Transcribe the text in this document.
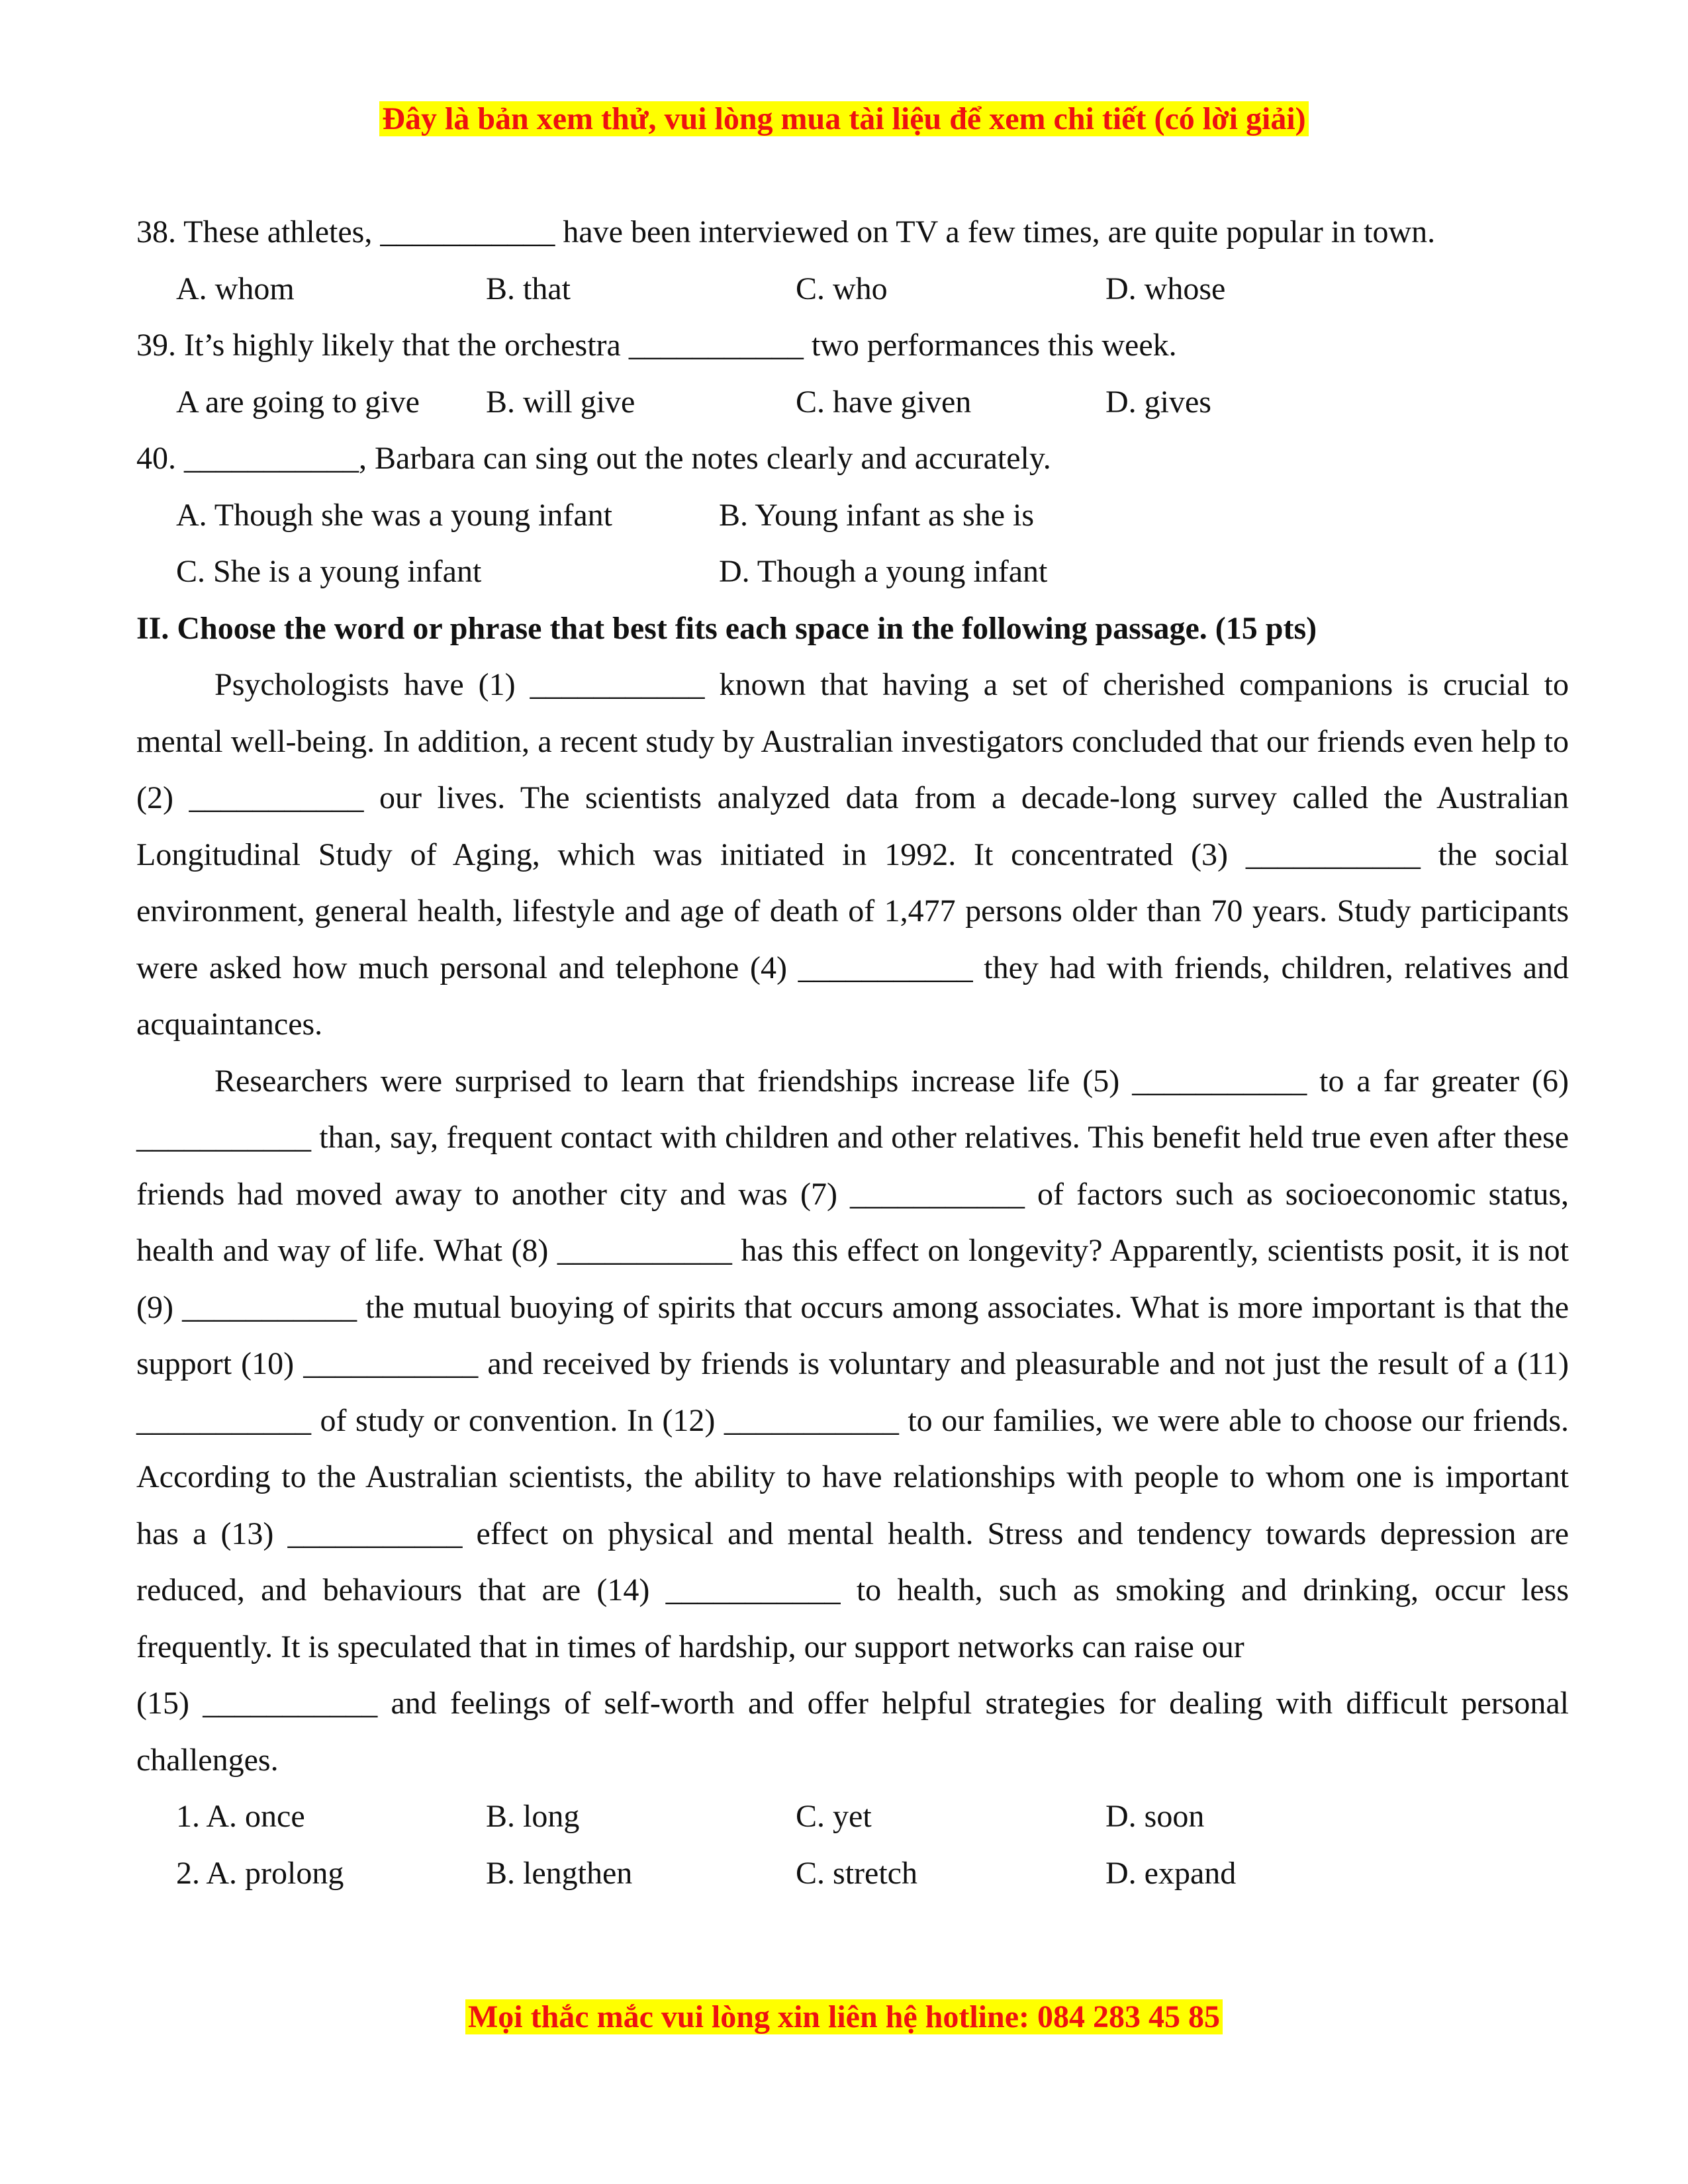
Đây là bản xem thử, vui lòng mua tài liệu để xem chi tiết (có lời giải)
38. These athletes, ___________ have been interviewed on TV a few times, are quite popular in town.
A. whom	B. that	C. who	D. whose
39. It’s highly likely that the orchestra ___________ two performances this week.
A are going to give B. will give	C. have given	D. gives
40. ___________, Barbara can sing out the notes clearly and accurately.
A. Though she was a young infant	B. Young infant as she is
C. She is a young infant	D. Though a young infant
II. Choose the word or phrase that best fits each space in the following passage. (15 pts)

Psychologists have (1) ___________ known that having a set of cherished companions is crucial to mental well-being. In addition, a recent study by Australian investigators concluded that our friends even help to (2) ___________ our lives. The scientists analyzed data from a decade-long survey called the Australian Longitudinal Study of Aging, which was initiated in 1992. It concentrated (3) ___________ the social environment, general health, lifestyle and age of death of 1,477 persons older than 70 years. Study participants were asked how much personal and telephone (4) ___________ they had with friends, children, relatives and acquaintances.

Researchers were surprised to learn that friendships increase life (5) ___________ to a far greater (6) ___________ than, say, frequent contact with children and other relatives. This benefit held true even after these friends had moved away to another city and was (7) ___________ of factors such as socioeconomic status, health and way of life. What (8) ___________ has this effect on longevity? Apparently, scientists posit, it is not (9) ___________ the mutual buoying of spirits that occurs among associates. What is more important is that the support (10) ___________ and received by friends is voluntary and pleasurable and not just the result of a (11) ___________ of study or convention. In (12) ___________ to our families, we were able to choose our friends. According to the Australian scientists, the ability to have relationships with people to whom one is important has a (13) ___________ effect on physical and mental health. Stress and tendency towards depression are reduced, and behaviours that are (14) ___________ to health, such as smoking and drinking, occur less frequently. It is speculated that in times of hardship, our support networks can raise our

(15) ___________ and feelings of self-worth and offer helpful strategies for dealing with difficult personal challenges.

1. A. once	B. long	C. yet	D. soon
2. A. prolong	B. lengthen	C. stretch	D. expand
Mọi thắc mắc vui lòng xin liên hệ hotline: 084 283 45 85
